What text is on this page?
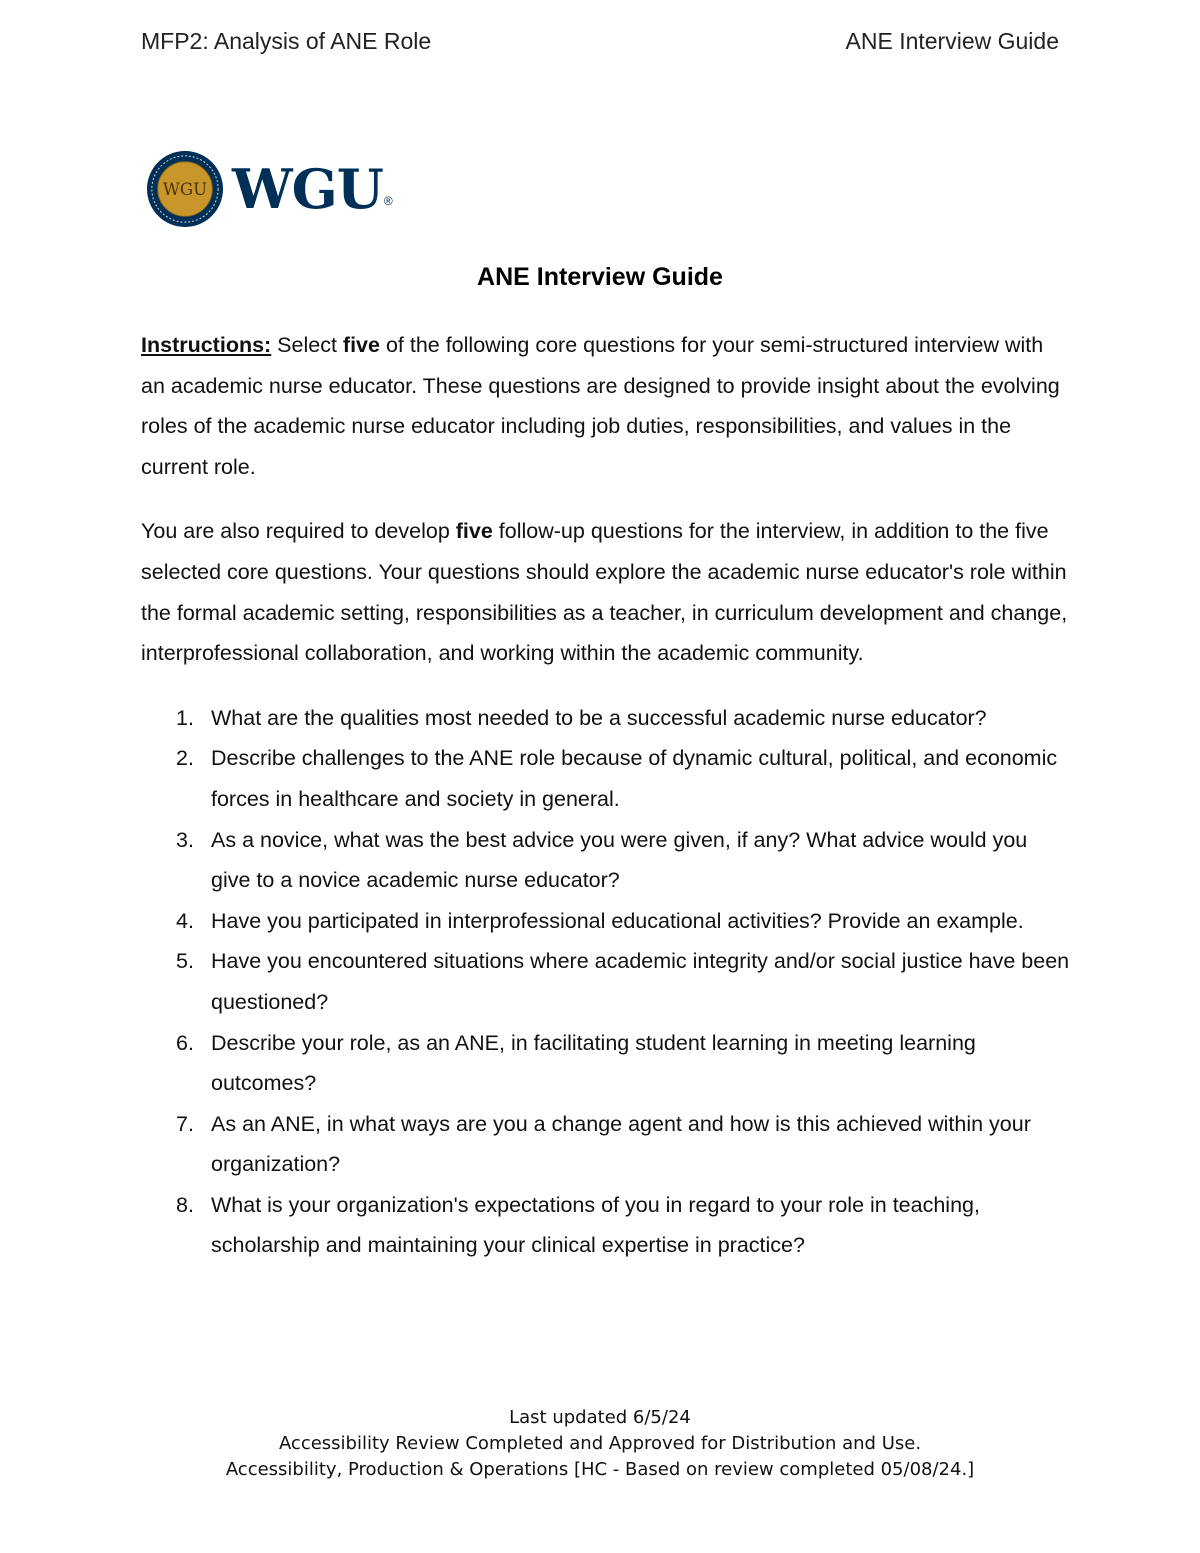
MFP2: Analysis of ANE Role	ANE Interview Guide
WGU WGU ®
ANE Interview Guide

Instructions: Select five of the following core questions for your semi-structured interview with an academic nurse educator. These questions are designed to provide insight about the evolving roles of the academic nurse educator including job duties, responsibilities, and values in the current role.

You are also required to develop five follow-up questions for the interview, in addition to the five selected core questions. Your questions should explore the academic nurse educator's role within the formal academic setting, responsibilities as a teacher, in curriculum development and change, interprofessional collaboration, and working within the academic community.

1. What are the qualities most needed to be a successful academic nurse educator?
2. Describe challenges to the ANE role because of dynamic cultural, political, and economic forces in healthcare and society in general.
3. As a novice, what was the best advice you were given, if any? What advice would you give to a novice academic nurse educator?
4. Have you participated in interprofessional educational activities? Provide an example.
5. Have you encountered situations where academic integrity and/or social justice have been questioned?
6. Describe your role, as an ANE, in facilitating student learning in meeting learning outcomes?
7. As an ANE, in what ways are you a change agent and how is this achieved within your organization?
8. What is your organization's expectations of you in regard to your role in teaching, scholarship and maintaining your clinical expertise in practice?
Last updated 6/5/24
Accessibility Review Completed and Approved for Distribution and Use.
Accessibility, Production & Operations [HC - Based on review completed 05/08/24.]
